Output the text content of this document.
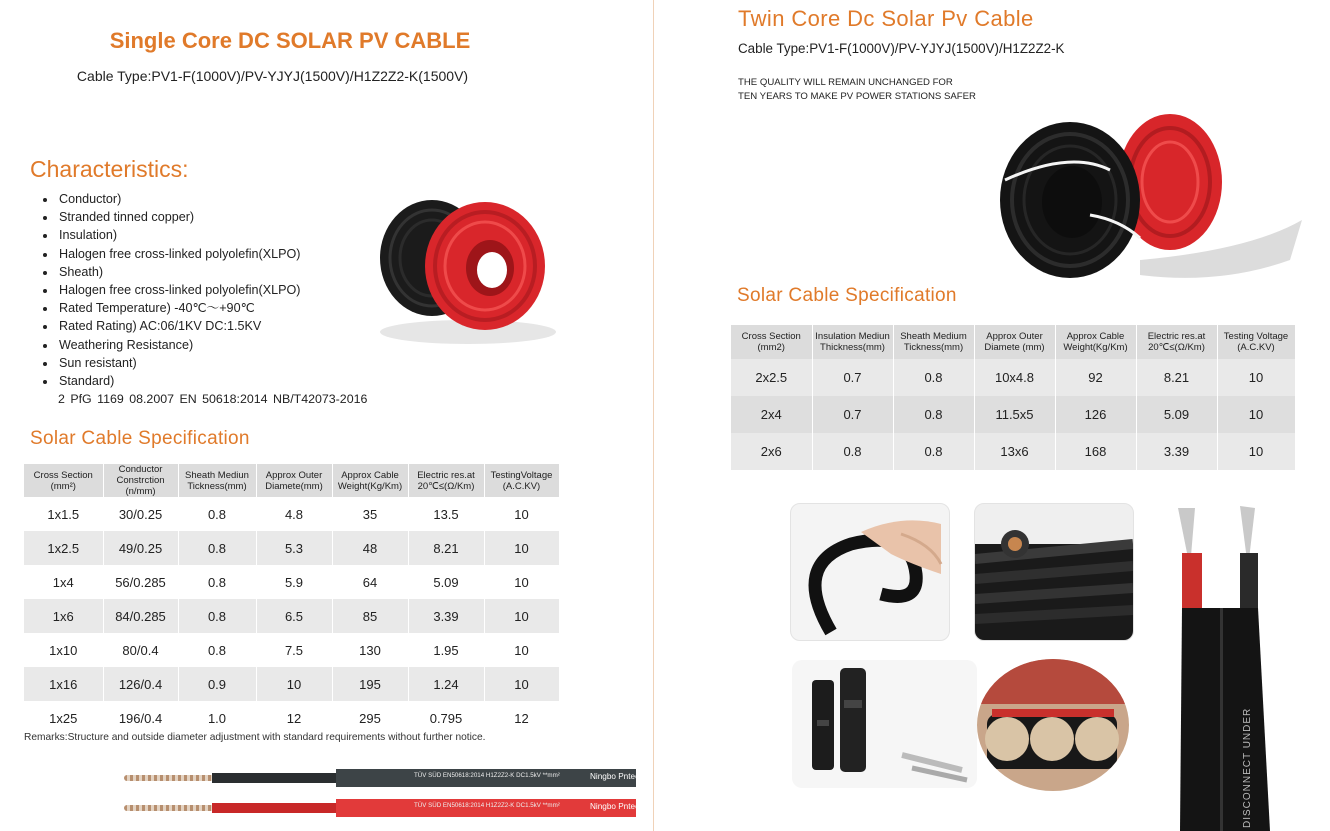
Single Core DC SOLAR PV CABLE
Cable Type:PV1-F(1000V)/PV-YJYJ(1500V)/H1Z2Z2-K(1500V)
Characteristics:
• Conductor)
• Stranded tinned copper)
• Insulation)
• Halogen free cross-linked polyolefin(XLPO)
• Sheath)
• Halogen free cross-linked polyolefin(XLPO)
• Rated Temperature) -40℃～+90℃
• Rated Rating) AC:06/1KV DC:1.5KV
• Weathering Resistance)
• Sun resistant)
• Standard)
2 PfG 1169 08.2007 EN 50618:2014 NB/T42073-2016
Solar Cable Specification
Cross Section (mm²)	Conductor Constrction (n/mm)	Sheath Mediun Tickness(mm)	Approx Outer Diamete(mm)	Approx Cable Weight(Kg/Km)	Electric res.at 20℃≤(Ω/Km)	TestingVoltage (A.C.KV)
1x1.5	30/0.25	0.8	4.8	35	13.5	10
1x2.5	49/0.25	0.8	5.3	48	8.21	10
1x4	56/0.285	0.8	5.9	64	5.09	10
1x6	84/0.285	0.8	6.5	85	3.39	10
1x10	80/0.4	0.8	7.5	130	1.95	10
1x16	126/0.4	0.9	10	195	1.24	10
1x25	196/0.4	1.0	12	295	0.795	12
Remarks:Structure and outside diameter adjustment with standard requirements without further notice.
TÜV SÜD EN50618:2014 H1Z2Z2-K DC1.5kV **mm²	Ningbo Pntech
TÜV SÜD EN50618:2014 H1Z2Z2-K DC1.5kV **mm²	Ningbo Pntech
Twin Core Dc Solar Pv Cable
Cable Type:PV1-F(1000V)/PV-YJYJ(1500V)/H1Z2Z2-K
THE QUALITY WILL REMAIN UNCHANGED FOR
TEN YEARS TO MAKE PV POWER STATIONS SAFER
Solar Cable Specification
Cross Section (mm2)	Insulation Mediun Thickness(mm)	Sheath Medium Tickness(mm)	Approx Outer Diamete (mm)	Approx Cable Weight(Kg/Km)	Electric res.at 20℃≤(Ω/Km)	Testing Voltage (A.C.KV)
2x2.5	0.7	0.8	10x4.8	92	8.21	10
2x4	0.7	0.8	11.5x5	126	5.09	10
2x6	0.8	0.8	13x6	168	3.39	10
DISCONNECT UNDER
